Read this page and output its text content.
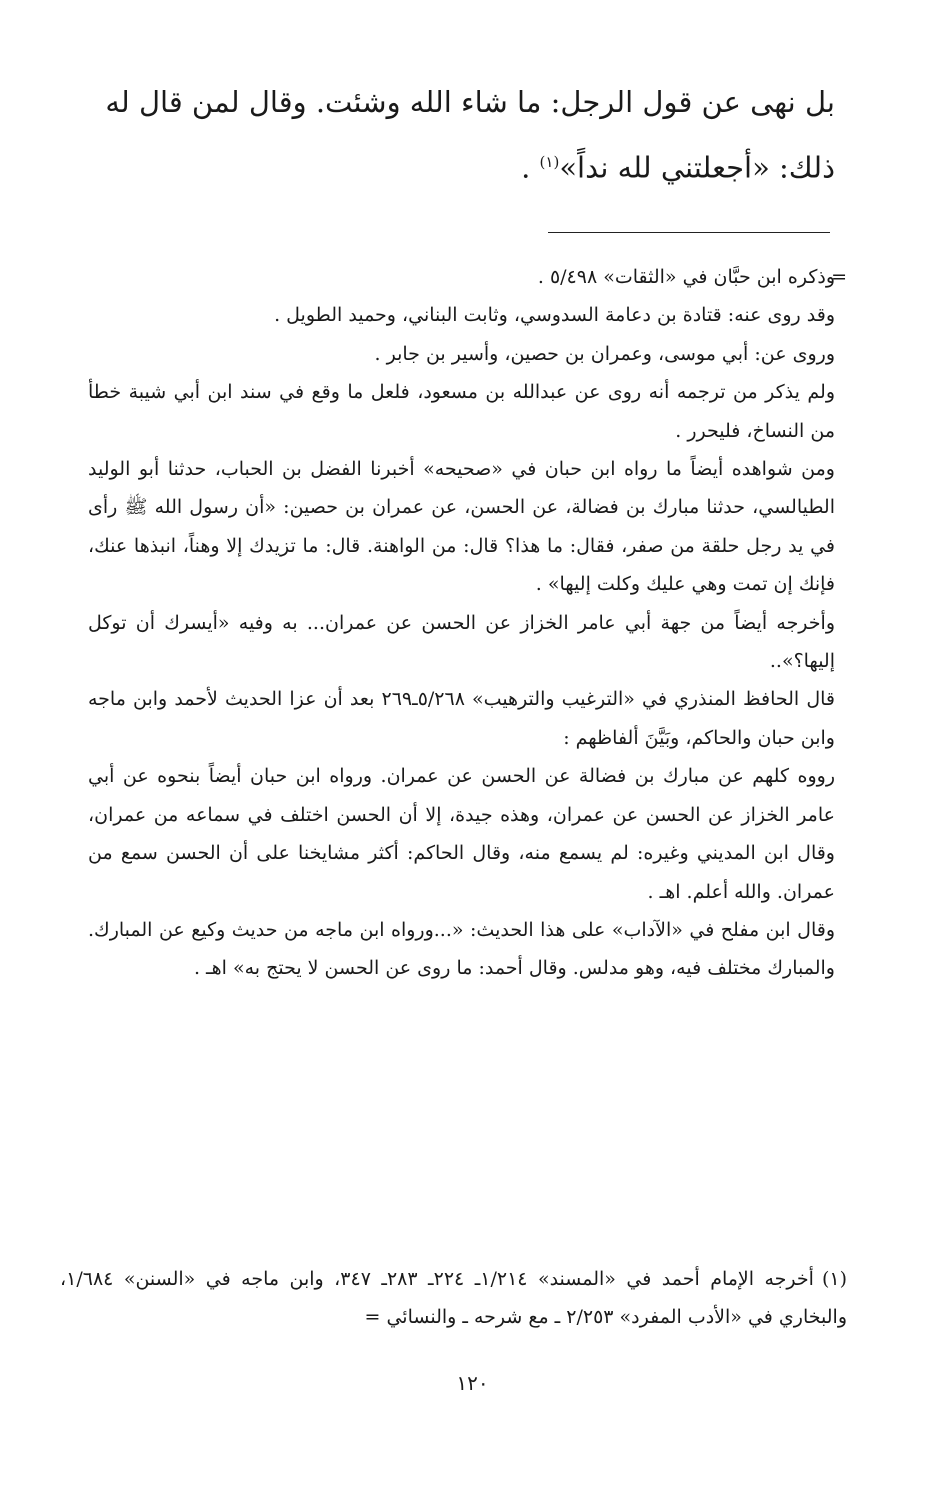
بل نهى عن قول الرجل: ما شاء الله وشئت. وقال لمن قال له

ذلك: «أجعلتني لله نداً»$^{(١)}$ .

=

وذكره ابن حبَّان في «الثقات» ٥/٤٩٨ .

وقد روى عنه: قتادة بن دعامة السدوسي، وثابت البناني، وحميد الطويل .

وروى عن: أبي موسى، وعمران بن حصين، وأسير بن جابر .

ولم يذكر من ترجمه أنه روى عن عبدالله بن مسعود، فلعل ما وقع في سند ابن أبي شيبة خطأ من النساخ، فليحرر .

ومن شواهده أيضاً ما رواه ابن حبان في «صحيحه» أخبرنا الفضل بن الحباب، حدثنا أبو الوليد الطيالسي، حدثنا مبارك بن فضالة، عن الحسن، عن عمران بن حصين: «أن رسول الله ﷺ رأى في يد رجل حلقة من صفر، فقال: ما هذا؟ قال: من الواهنة. قال: ما تزيدك إلا وهناً، انبذها عنك، فإنك إن تمت وهي عليك وكلت إليها» .

وأخرجه أيضاً من جهة أبي عامر الخزاز عن الحسن عن عمران... به وفيه «أيسرك أن توكل إليها؟»..

قال الحافظ المنذري في «الترغيب والترهيب» ٥/٢٦٨ـ٢٦٩ بعد أن عزا الحديث لأحمد وابن ماجه وابن حبان والحاكم، وبَيَّنَ ألفاظهم :

رووه كلهم عن مبارك بن فضالة عن الحسن عن عمران. ورواه ابن حبان أيضاً بنحوه عن أبي عامر الخزاز عن الحسن عن عمران، وهذه جيدة، إلا أن الحسن اختلف في سماعه من عمران، وقال ابن المديني وغيره: لم يسمع منه، وقال الحاكم: أكثر مشايخنا على أن الحسن سمع من عمران. والله أعلم. اهـ .

وقال ابن مفلح في «الآداب» على هذا الحديث: «...ورواه ابن ماجه من حديث وكيع عن المبارك. والمبارك مختلف فيه، وهو مدلس. وقال أحمد: ما روى عن الحسن لا يحتج به» اهـ .

(١)أخرجه الإمام أحمد في «المسند» ١/٢١٤ـ ٢٢٤ـ ٢٨٣ـ ٣٤٧، وابن ماجه في «السنن» ١/٦٨٤، والبخاري في «الأدب المفرد» ٢/٢٥٣ ـ مع شرحه ـ والنسائي =

١٢٠
